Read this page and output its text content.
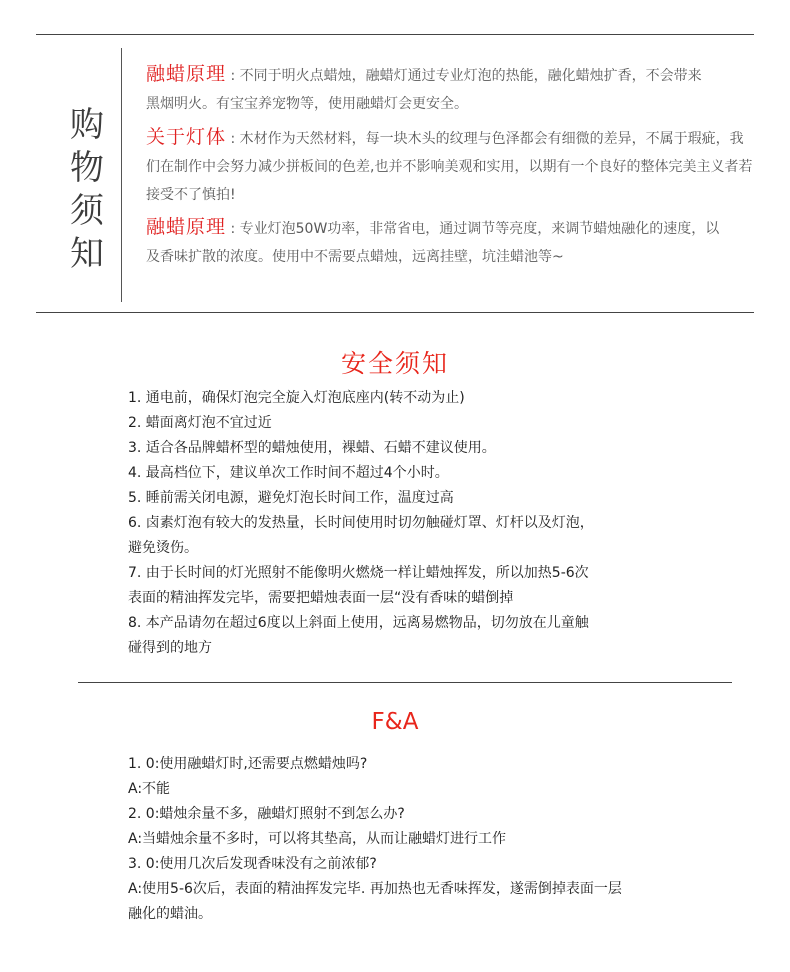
购
物
须
知
融蜡原理 : 不同于明火点蜡烛，融蜡灯通过专业灯泡的热能，融化蜡烛扩香，不会带来黑烟明火。有宝宝养宠物等，使用融蜡灯会更安全。
关于灯体 : 木材作为天然材料，每一块木头的纹理与色泽都会有细微的差异，不属于瑕疵，我们在制作中会努力减少拼板间的色差,也并不影响美观和实用，以期有一个良好的整体完美主义者若接受不了慎拍!
融蜡原理 : 专业灯泡50W功率，非常省电，通过调节等亮度，来调节蜡烛融化的速度，以及香味扩散的浓度。使用中不需要点蜡烛，远离挂壁，坑洼蜡池等~
安全须知
1. 通电前，确保灯泡完全旋入灯泡底座内(转不动为止)
2. 蜡面离灯泡不宜过近
3. 适合各品牌蜡杯型的蜡烛使用，裸蜡、石蜡不建议使用。
4. 最高档位下，建议单次工作时间不超过4个小时。
5. 睡前需关闭电源，避免灯泡长时间工作，温度过高
6. 卤素灯泡有较大的发热量，长时间使用时切勿触碰灯罩、灯杆以及灯泡，
避免烫伤。
7. 由于长时间的灯光照射不能像明火燃烧一样让蜡烛挥发，所以加热5-6次
表面的精油挥发完毕，需要把蜡烛表面一层“没有香味的蜡倒掉
8. 本产品请勿在超过6度以上斜面上使用，远离易燃物品，切勿放在儿童触
碰得到的地方
F&A
1. 0:使用融蜡灯时,还需要点燃蜡烛吗?
A:不能
2. 0:蜡烛余量不多，融蜡灯照射不到怎么办?
A:当蜡烛余量不多时，可以将其垫高，从而让融蜡灯进行工作
3. 0:使用几次后发现香味没有之前浓郁?
A:使用5-6次后，表面的精油挥发完毕. 再加热也无香味挥发，遂需倒掉表面一层
融化的蜡油。
